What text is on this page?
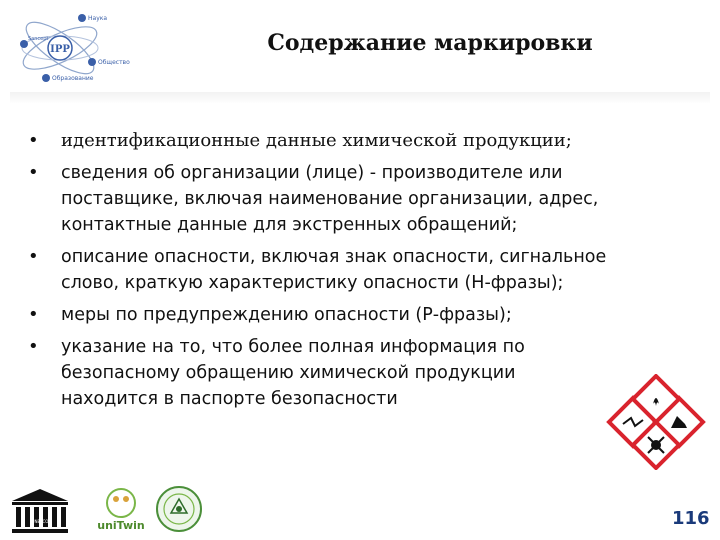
IPP
Наука
Sancept
Общество
Образование
Содержание маркировки
• идентификационные данные химической продукции;
• сведения об организации (лице) - производителе или поставщике, включая наименование организации, адрес, контактные данные для экстренных обращений;
• описание опасности, включая знак опасности, сигнальное слово, краткую характеристику опасности (Н-фразы);
• меры по предупреждению опасности (Р-фразы);
• указание на то, что более полная информация по безопасному обращению химической продукции находится в паспорте безопасности
UNESCO	uniTwin	116
